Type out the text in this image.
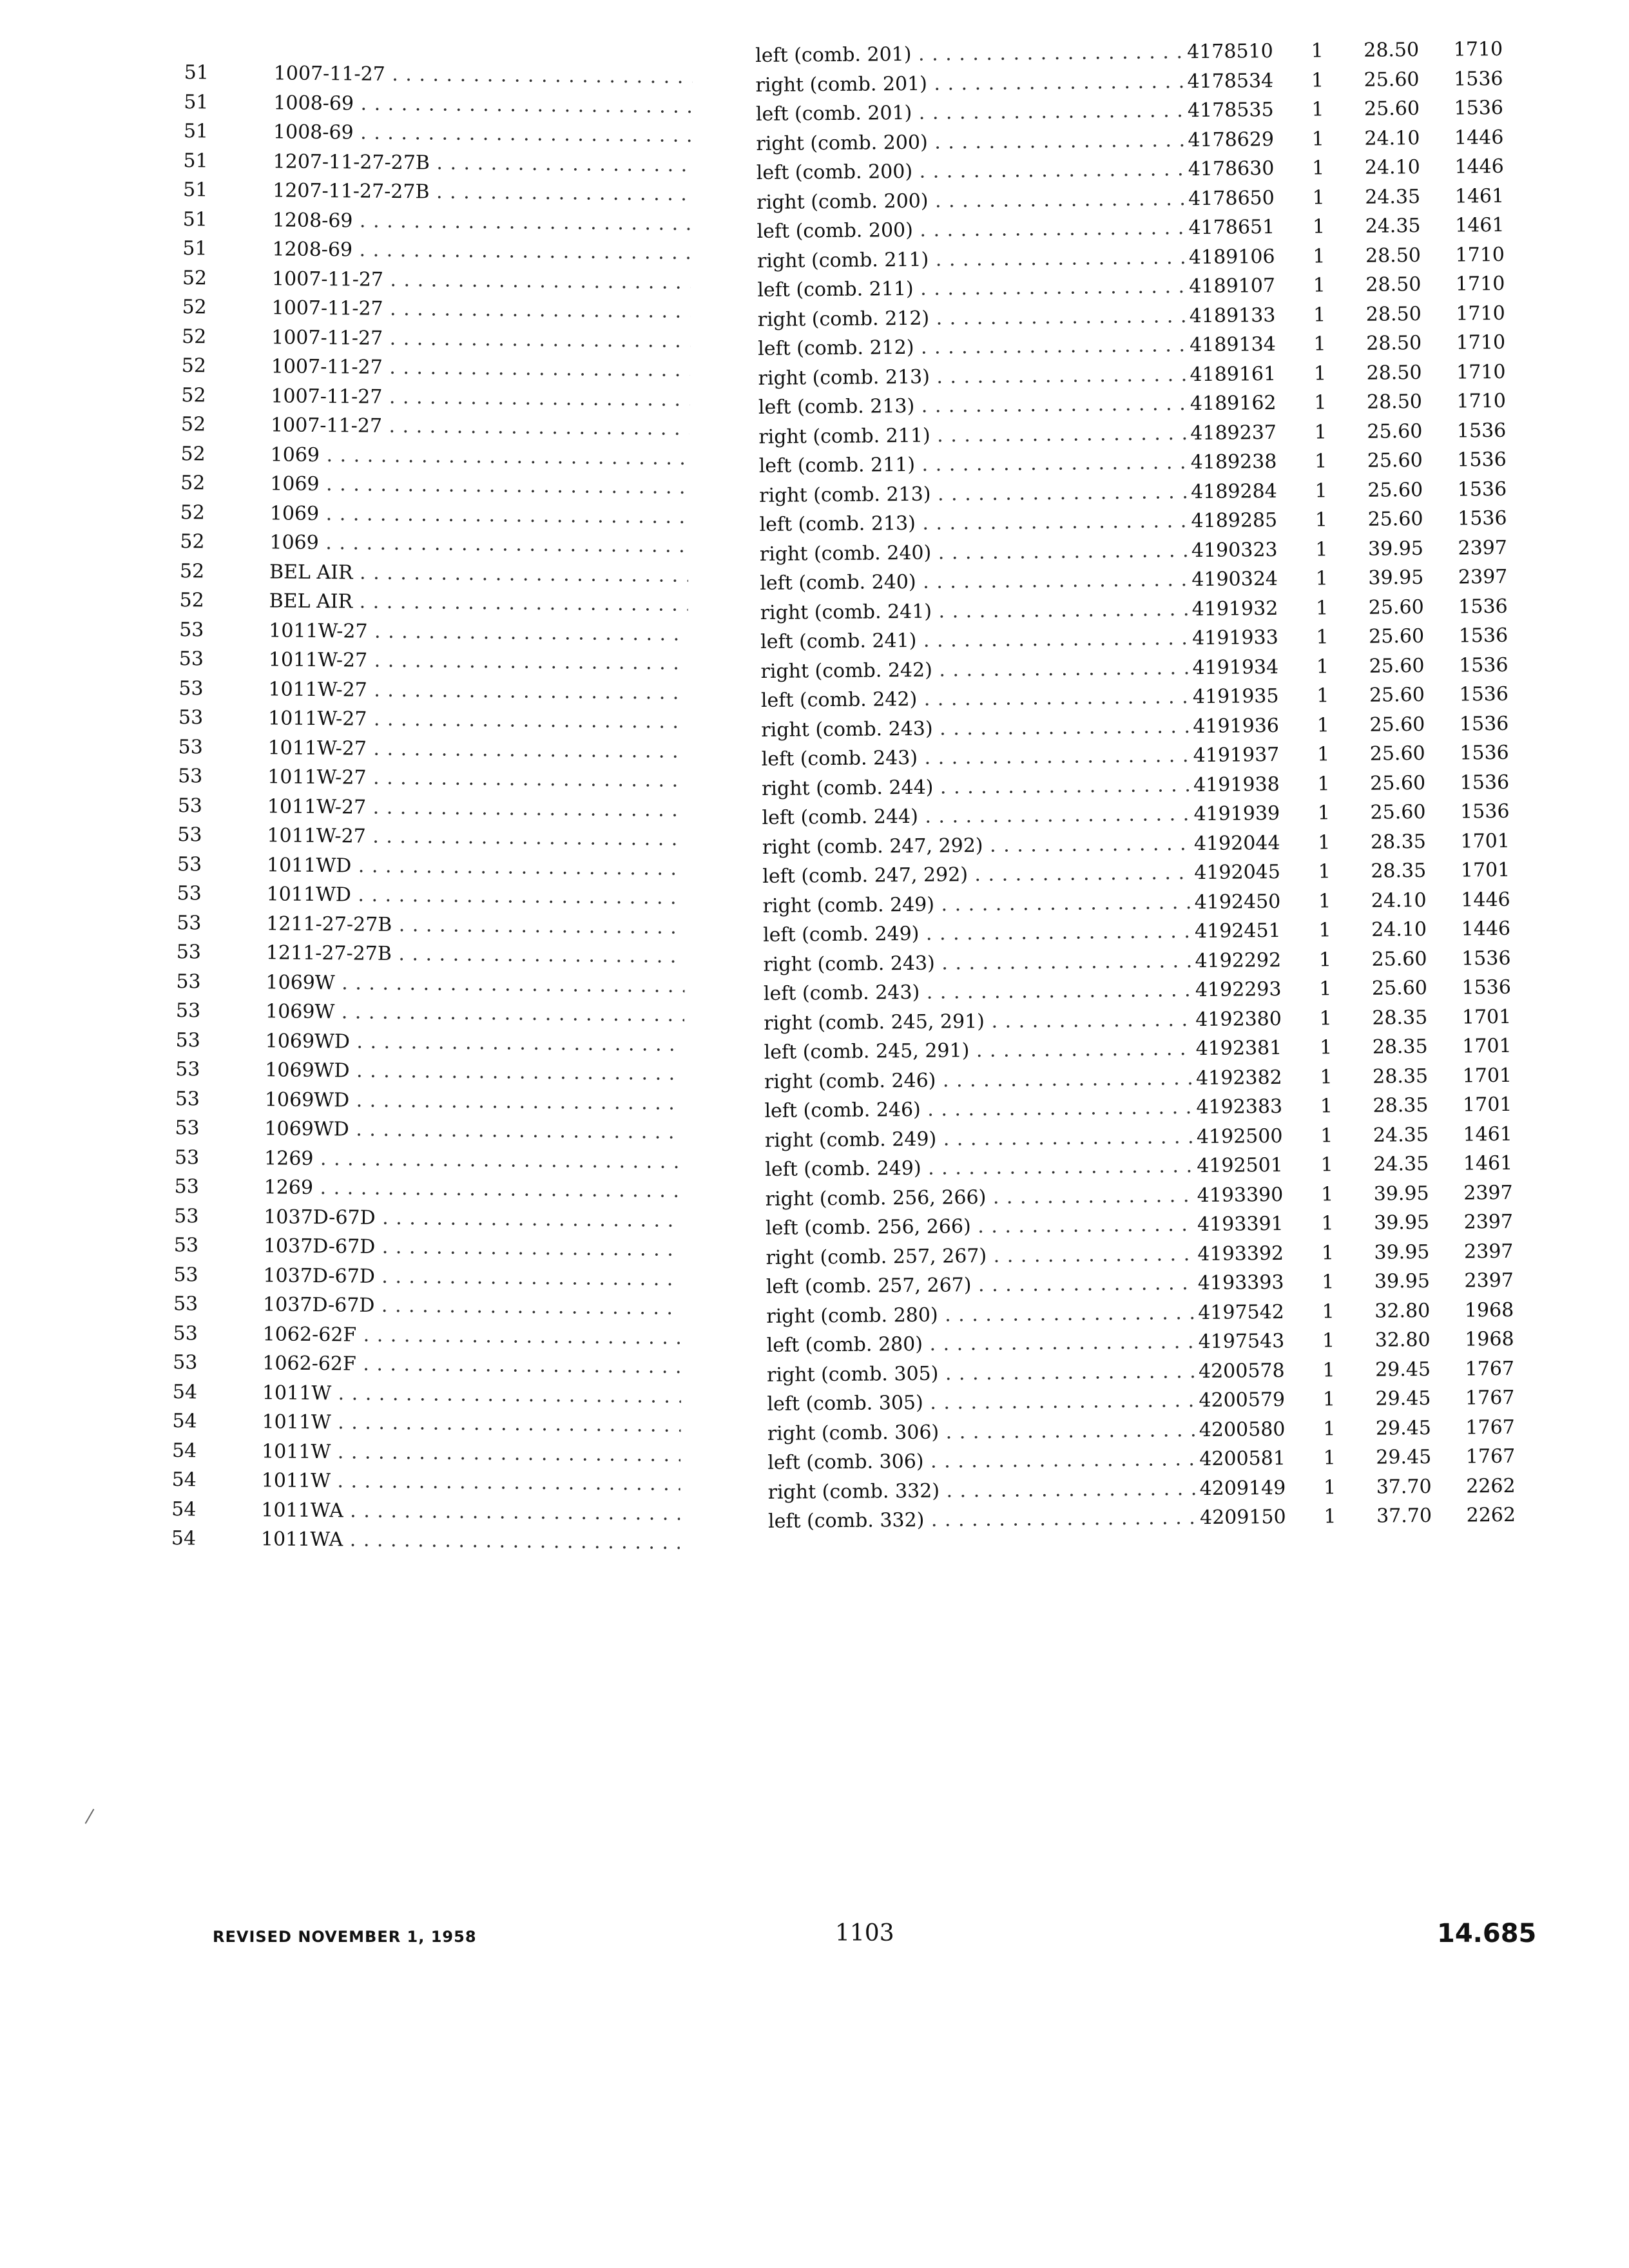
51	1007-11-27 . . .
51	1008-69 . . .
51	1008-69 . . .
51	1207-11-27-27B . . .
51	1207-11-27-27B . . .
51	1208-69 . . .
51	1208-69 . . .
52	1007-11-27 . . .
52	1007-11-27 . . .
52	1007-11-27 . . .
52	1007-11-27 . . .
52	1007-11-27 . . .
52	1007-11-27 . . .
52	1069 . . .
52	1069 . . .
52	1069 . . .
52	1069 . . .
52	BEL AIR . . .
52	BEL AIR . . .
53	1011W-27 . . .
53	1011W-27 . . .
53	1011W-27 . . .
53	1011W-27 . . .
53	1011W-27 . . .
53	1011W-27 . . .
53	1011W-27 . . .
53	1011W-27 . . .
53	1011WD . . .
53	1011WD . . .
53	1211-27-27B . . .
53	1211-27-27B . . .
53	1069W . . .
53	1069W . . .
53	1069WD . . .
53	1069WD . . .
53	1069WD . . .
53	1069WD . . .
53	1269 . . .
53	1269 . . .
53	1037D-67D . . .
53	1037D-67D . . .
53	1037D-67D . . .
53	1037D-67D . . .
53	1062-62F . . .
53	1062-62F . . .
54	1011W . . .
54	1011W . . .
54	1011W . . .
54	1011W . . .
54	1011WA . . .
54	1011WA . . .
left (comb. 201) . . .	4178510	1	28.50 1710
right (comb. 201) . . .	4178534	1	25.60 1536
left (comb. 201) . . .	4178535	1	25.60 1536
right (comb. 200) . . .	4178629	1	24.10 1446
left (comb. 200) . . .	4178630	1	24.10 1446
right (comb. 200) . . .	4178650	1	24.35 1461
left (comb. 200) . . .	4178651	1	24.35 1461
right (comb. 211) . . .	4189106	1	28.50 1710
left (comb. 211) . . .	4189107	1	28.50 1710
right (comb. 212) . . .	4189133	1	28.50 1710
left (comb. 212) . . .	4189134	1	28.50 1710
right (comb. 213) . . .	4189161	1	28.50 1710
left (comb. 213) . . .	4189162	1	28.50 1710
right (comb. 211) . . .	4189237	1	25.60 1536
left (comb. 211) . . .	4189238	1	25.60 1536
right (comb. 213) . . .	4189284	1	25.60 1536
left (comb. 213) . . .	4189285	1	25.60 1536
right (comb. 240) . . .	4190323	1	39.95 2397
left (comb. 240) . . .	4190324	1	39.95 2397
right (comb. 241) . . .	4191932	1	25.60 1536
left (comb. 241) . . .	4191933	1	25.60 1536
right (comb. 242) . . .	4191934	1	25.60 1536
left (comb. 242) . . .	4191935	1	25.60 1536
right (comb. 243) . . .	4191936	1	25.60 1536
left (comb. 243) . . .	4191937	1	25.60 1536
right (comb. 244) . . .	4191938	1	25.60 1536
left (comb. 244) . . .	4191939	1	25.60 1536
right (comb. 247, 292) . . .	4192044	1	28.35 1701
left (comb. 247, 292) . . .	4192045	1	28.35 1701
right (comb. 249) . . .	4192450	1	24.10 1446
left (comb. 249) . . .	4192451	1	24.10 1446
right (comb. 243) . . .	4192292	1	25.60 1536
left (comb. 243) . . .	4192293	1	25.60 1536
right (comb. 245, 291) . . .	4192380	1	28.35 1701
left (comb. 245, 291) . . .	4192381	1	28.35 1701
right (comb. 246) . . .	4192382	1	28.35 1701
left (comb. 246) . . .	4192383	1	28.35 1701
right (comb. 249) . . .	4192500	1	24.35 1461
left (comb. 249) . . .	4192501	1	24.35 1461
right (comb. 256, 266) . . .	4193390	1	39.95 2397
left (comb. 256, 266) . . .	4193391	1	39.95 2397
right (comb. 257, 267) . . .	4193392	1	39.95 2397
left (comb. 257, 267) . . .	4193393	1	39.95 2397
right (comb. 280) . . .	4197542	1	32.80 1968
left (comb. 280) . . .	4197543	1	32.80 1968
right (comb. 305) . . .	4200578	1	29.45 1767
left (comb. 305) . . .	4200579	1	29.45 1767
right (comb. 306) . . .	4200580	1	29.45 1767
left (comb. 306) . . .	4200581	1	29.45 1767
right (comb. 332) . . .	4209149	1	37.70 2262
left (comb. 332) . . .	4209150	1	37.70 2262
REVISED NOVEMBER 1, 1958	1103	14.685
